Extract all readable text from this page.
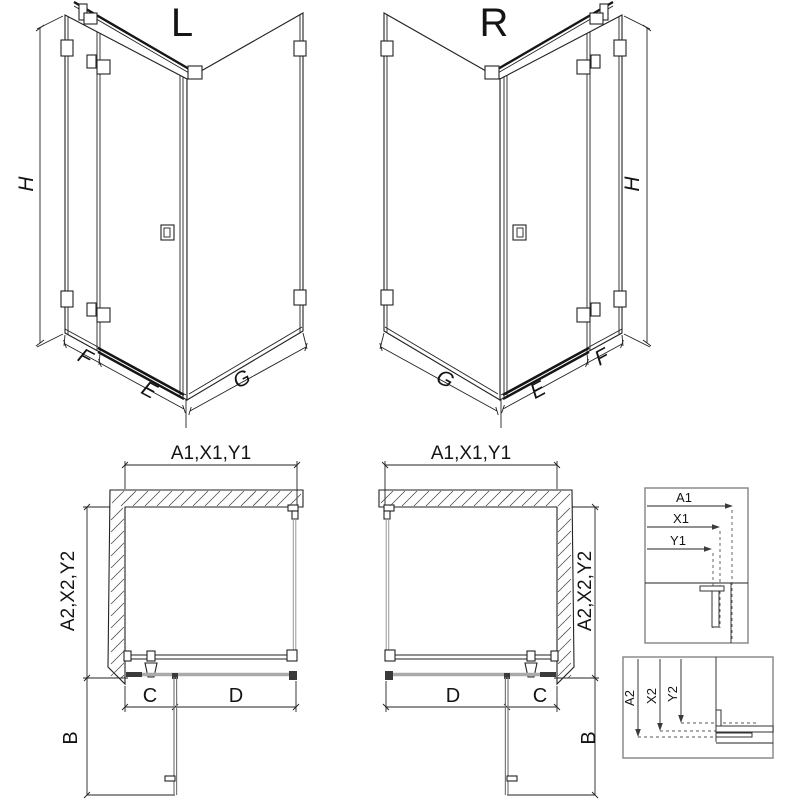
A1
X1
Y1
A2 X2 Y2
L	R
H	H
F
E	G
F
E
G
A1,X1,Y1	A1,X1,Y1
A2,X2,Y2	A2,X2,Y2
C	D	D	C
B	B
